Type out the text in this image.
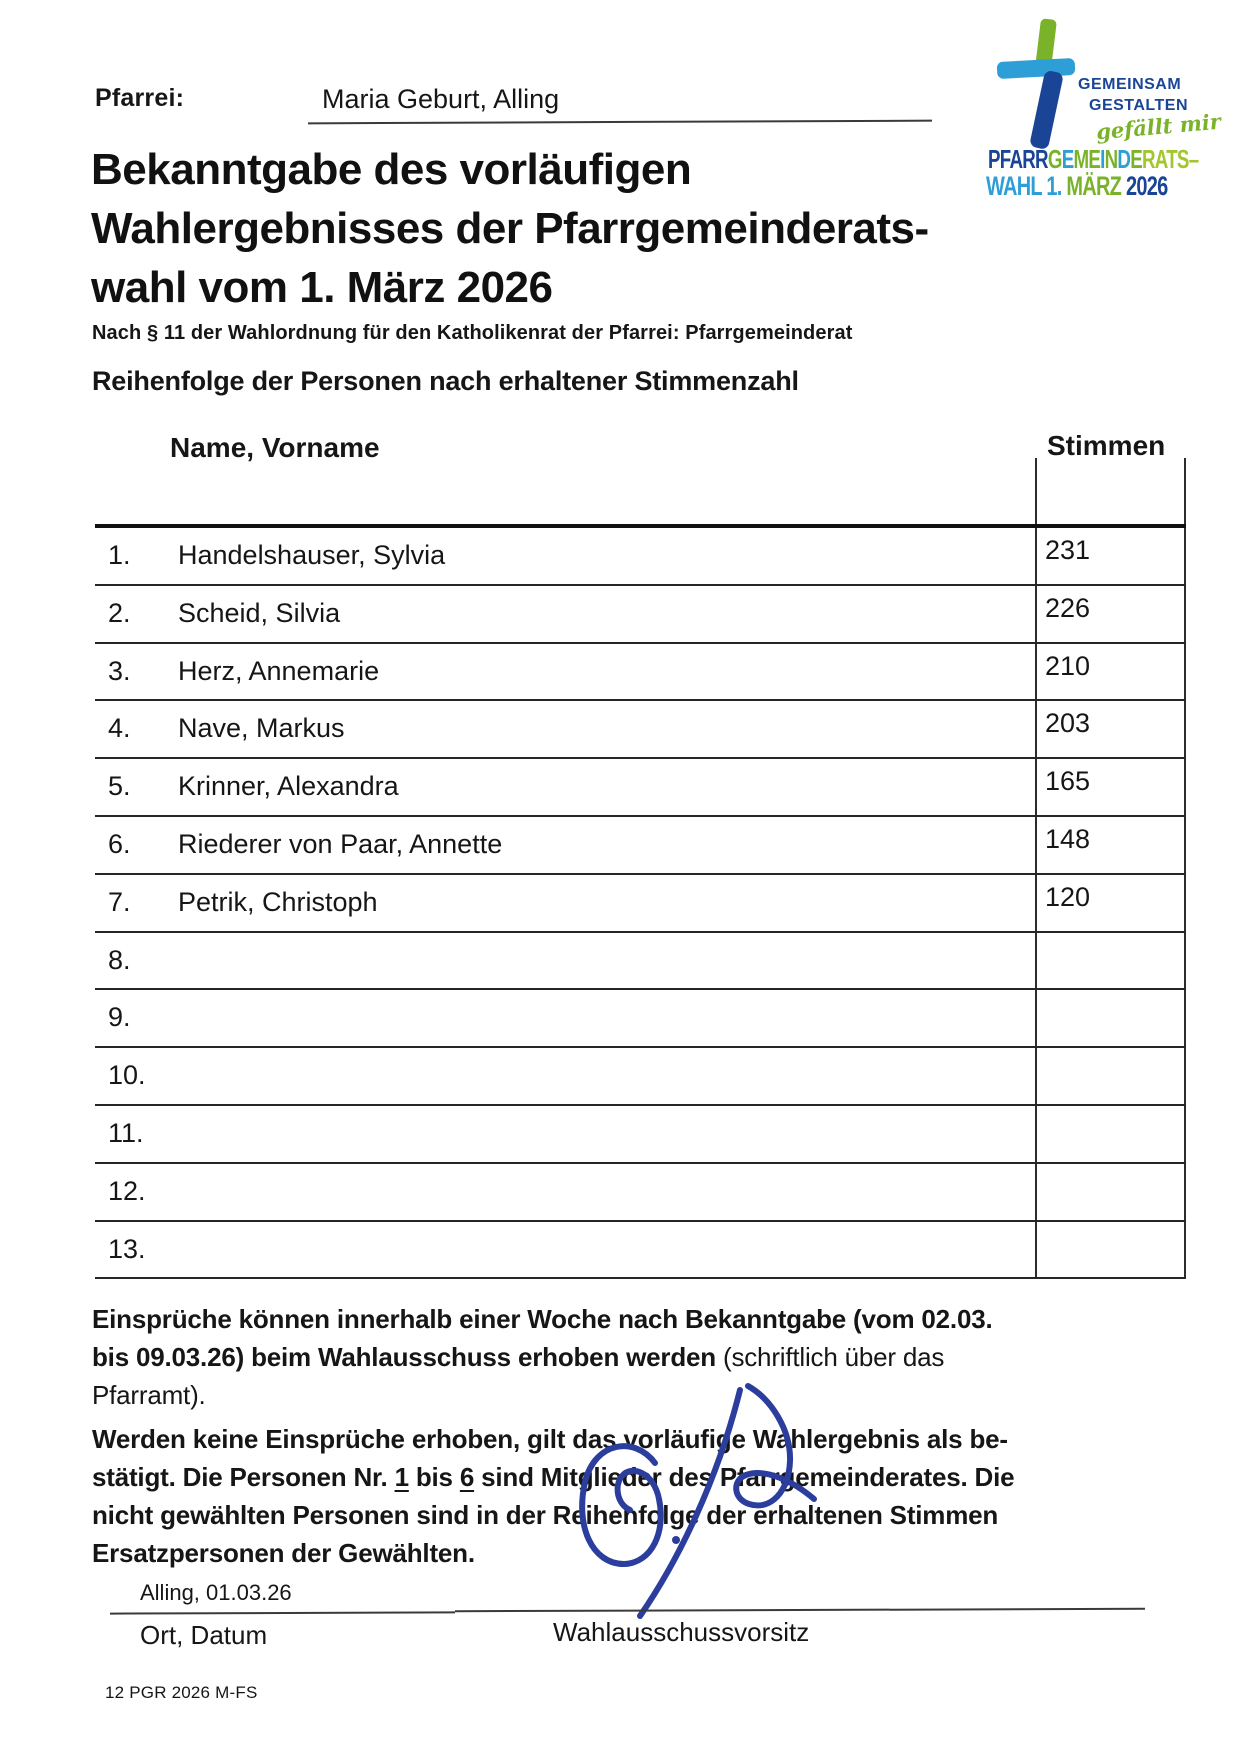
Pfarrei:	Maria Geburt, Alling	GEMEINSAM
GESTALTEN
gefällt mir
PFARRGEMEINDERATS–
WAHL 1. MÄRZ 2026
Bekanntgabe des vorläufigen
Wahlergebnisses der Pfarrgemeinderats-
wahl vom 1. März 2026
Nach § 11 der Wahlordnung für den Katholikenrat der Pfarrei: Pfarrgemeinderat
Reihenfolge der Personen nach erhaltener Stimmenzahl
Name, Vorname	Stimmen
1. Handelshauser, Sylvia	231
2. Scheid, Silvia	226
3. Herz, Annemarie	210
4. Nave, Markus	203
5. Krinner, Alexandra	165
6. Riederer von Paar, Annette	148
7. Petrik, Christoph	120
8.
9.
10.
11.
12.
13.
Einsprüche können innerhalb einer Woche nach Bekanntgabe (vom 02.03.
bis 09.03.26) beim Wahlausschuss erhoben werden (schriftlich über das
Pfarramt).
Werden keine Einsprüche erhoben, gilt das vorläufige Wahlergebnis als be-
stätigt. Die Personen Nr. 1 bis 6 sind Mitglieder des Pfarrgemeinderates. Die
nicht gewählten Personen sind in der Reihenfolge der erhaltenen Stimmen
Ersatzpersonen der Gewählten.
Alling, 01.03.26
Ort, Datum	Wahlausschussvorsitz
12 PGR 2026 M-FS
